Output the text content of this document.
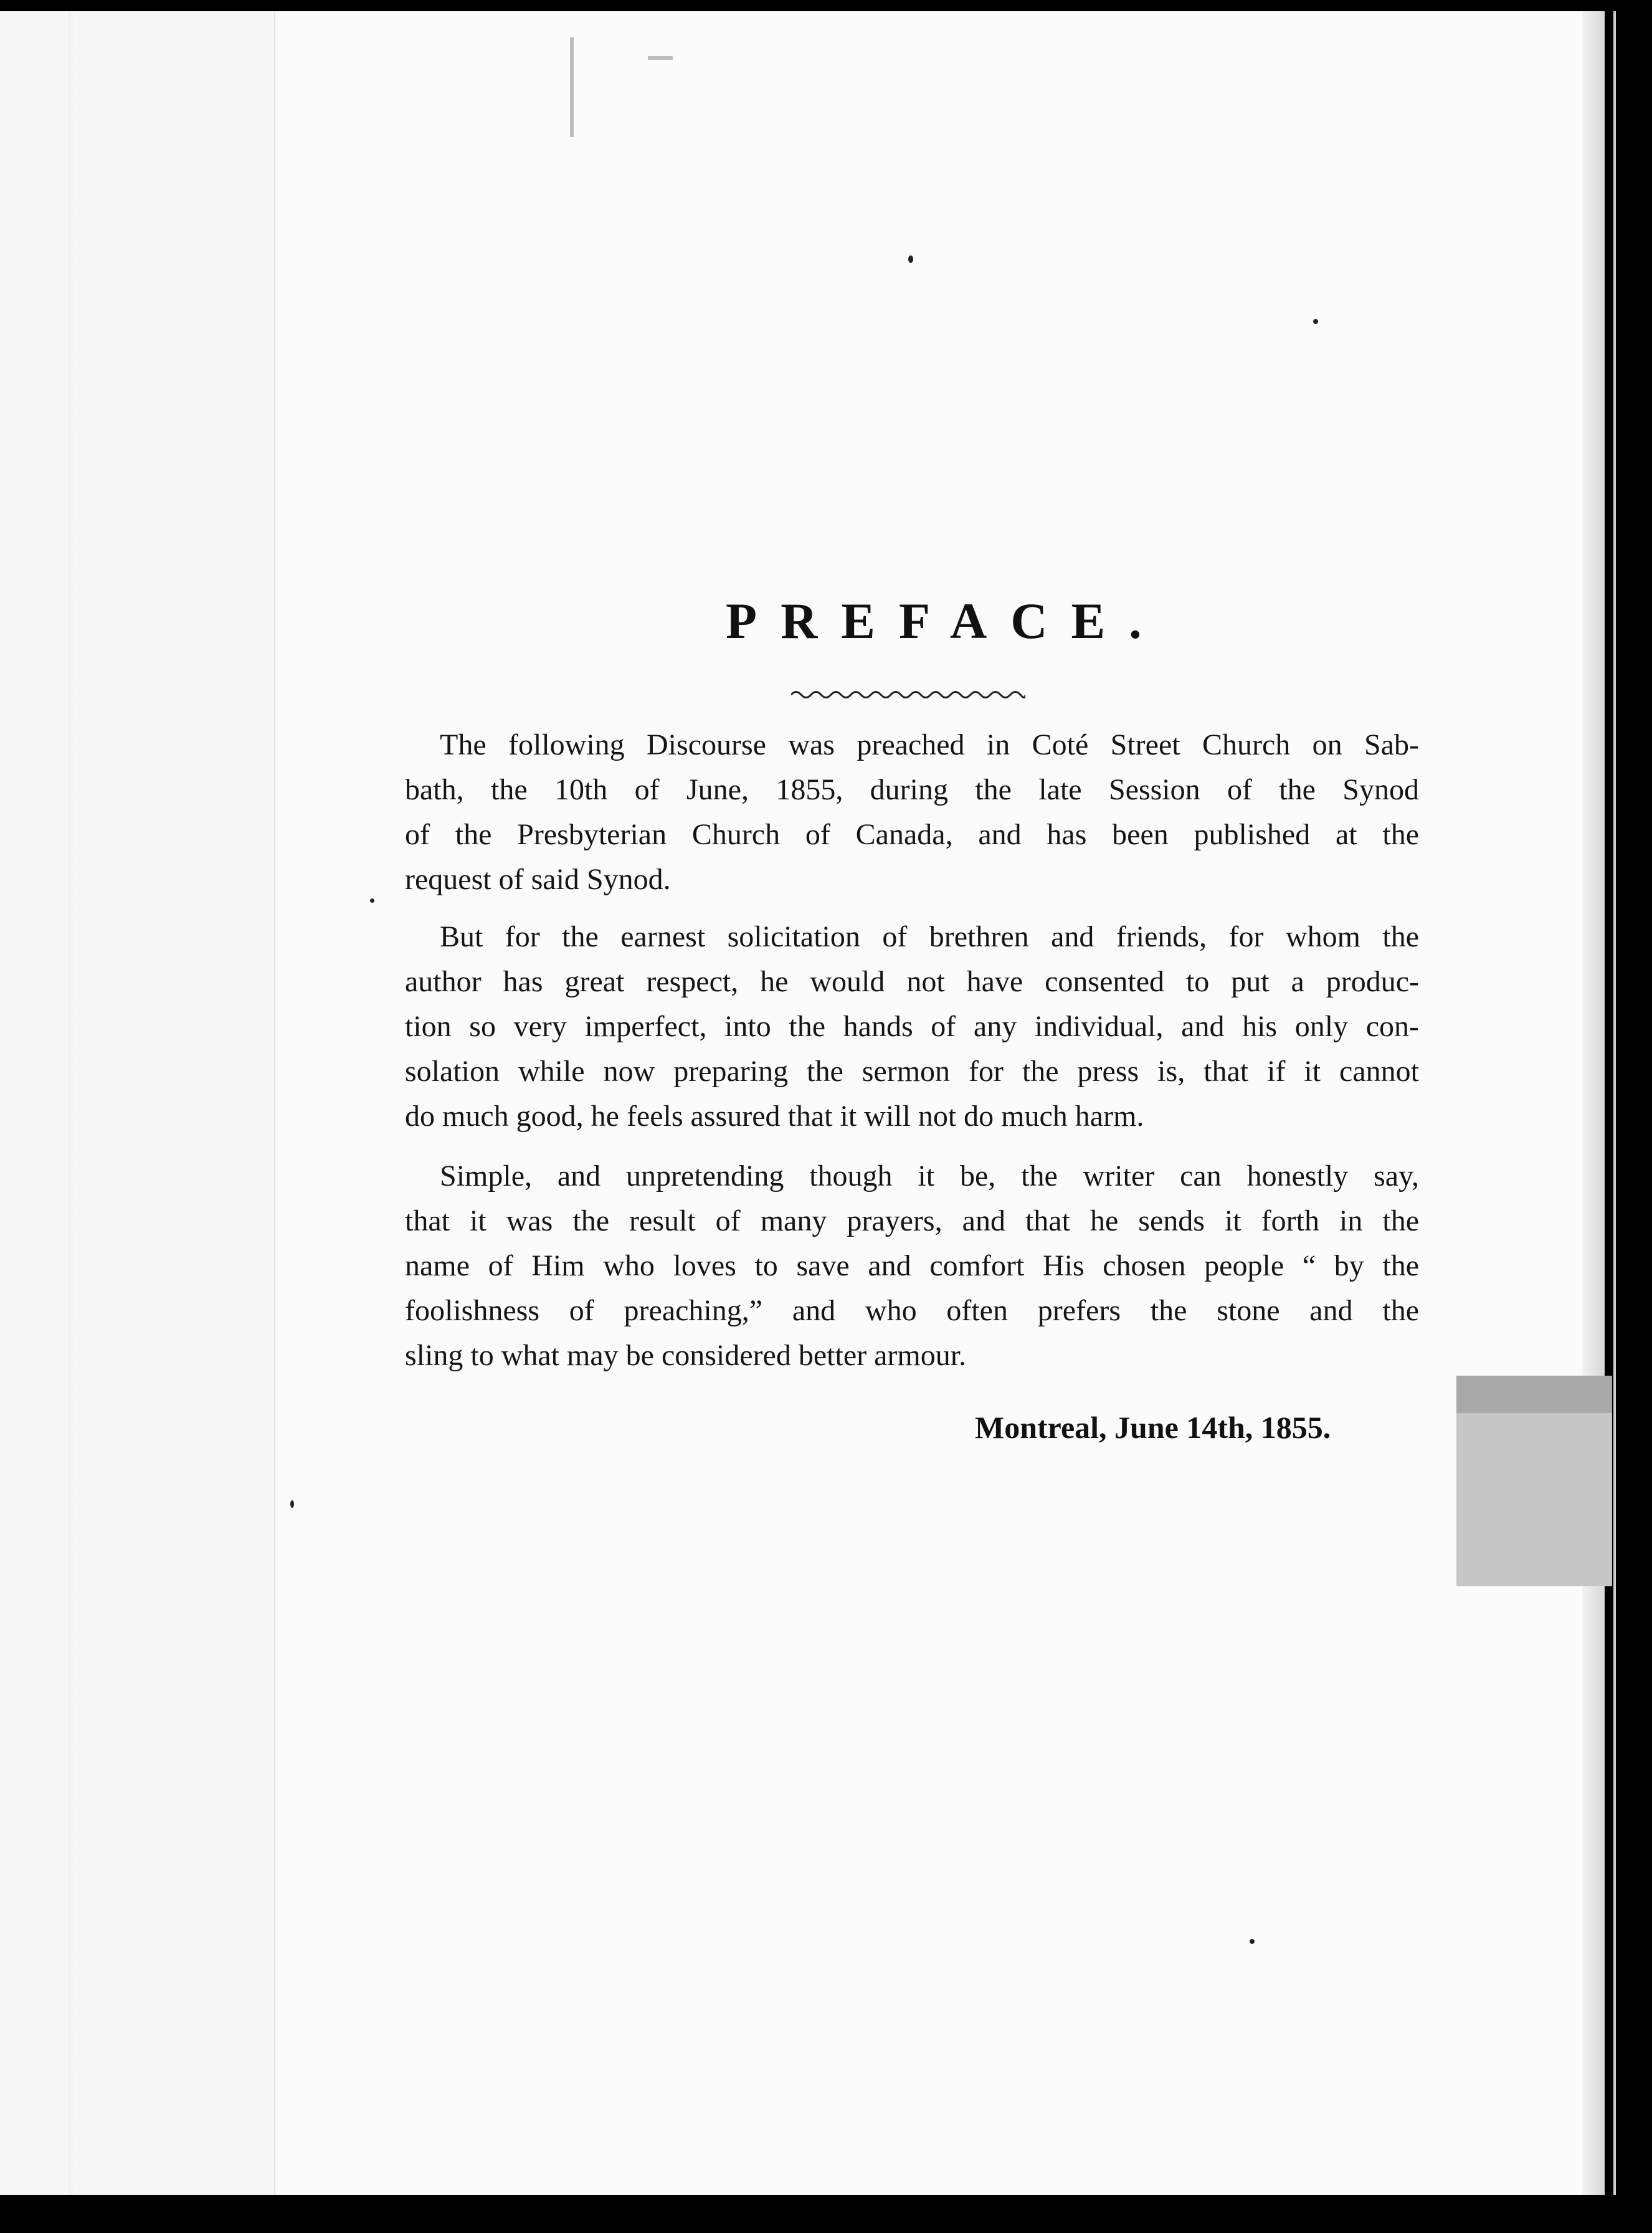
PREFACE.
The following Discourse was preached in Coté Street Church on Sab-
bath, the 10th of June, 1855, during the late Session of the Synod
of the Presbyterian Church of Canada, and has been published at the
request of said Synod.
But for the earnest solicitation of brethren and friends, for whom the
author has great respect, he would not have consented to put a produc-
tion so very imperfect, into the hands of any individual, and his only con-
solation while now preparing the sermon for the press is, that if it cannot
do much good, he feels assured that it will not do much harm.
Simple, and unpretending though it be, the writer can honestly say,
that it was the result of many prayers, and that he sends it forth in the
name of Him who loves to save and comfort His chosen people “ by the
foolishness of preaching,” and who often prefers the stone and the
sling to what may be considered better armour.
Montreal, June 14th, 1855.
